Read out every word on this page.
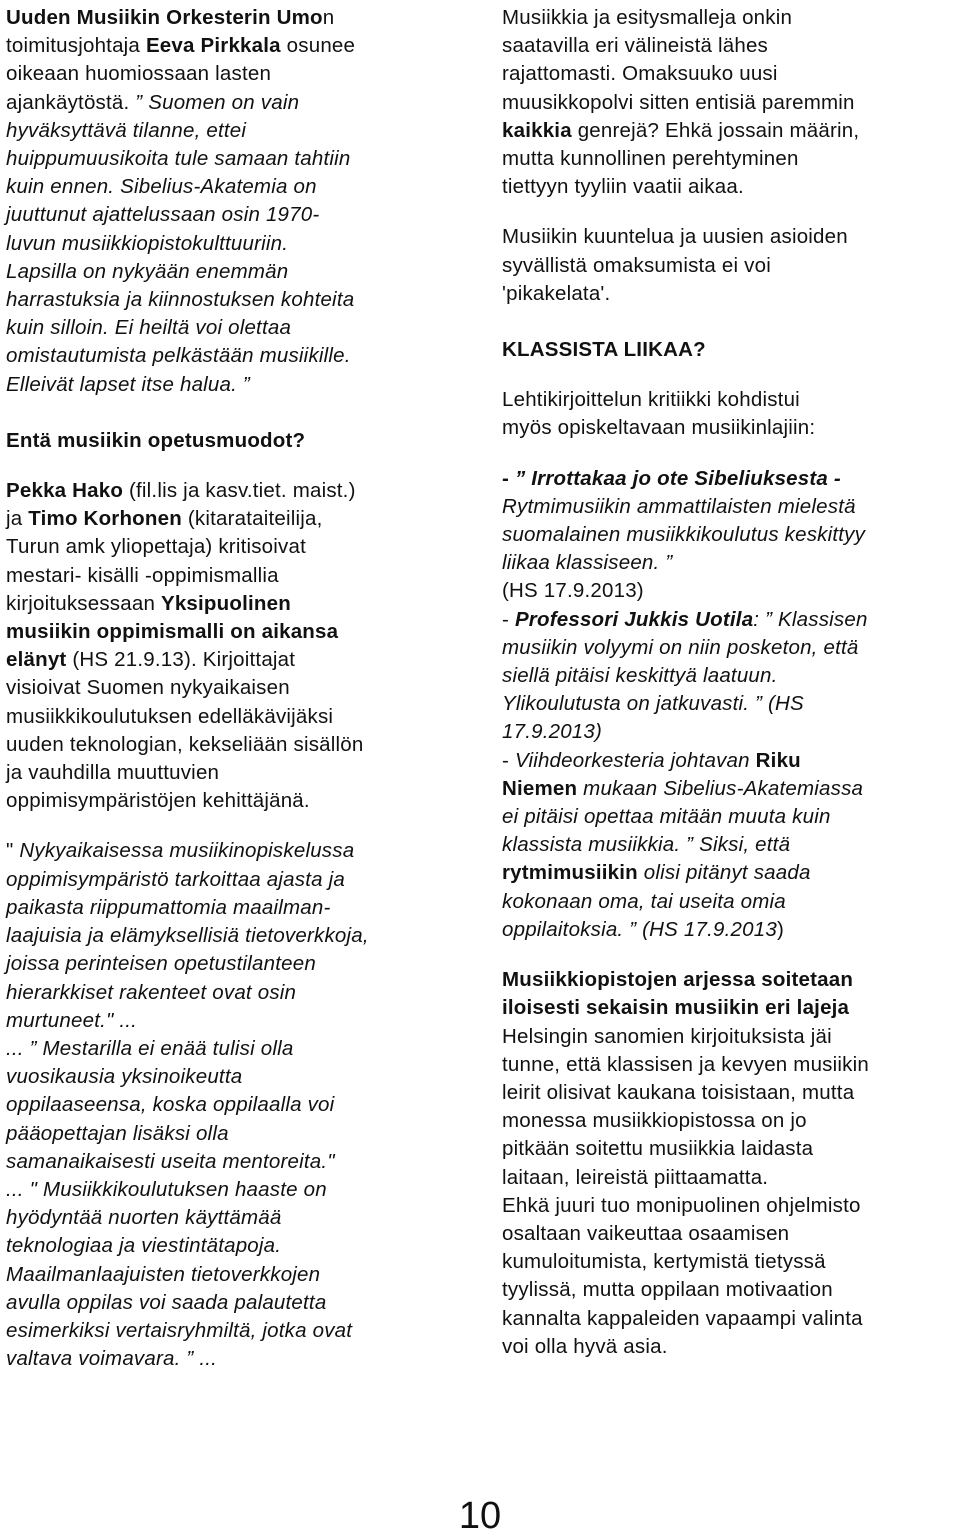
Uuden Musiikin Orkesterin Umon
toimitusjohtaja Eeva Pirkkala osunee
oikeaan huomiossaan lasten
ajankäytöstä. ” Suomen on vain
hyväksyttävä tilanne, ettei
huippumuusikoita tule samaan tahtiin
kuin ennen. Sibelius-Akatemia on
juuttunut ajattelussaan osin 1970-
luvun musiikkiopistokulttuuriin.
Lapsilla on nykyään enemmän
harrastuksia ja kiinnostuksen kohteita
kuin silloin. Ei heiltä voi olettaa
omistautumista pelkästään musiikille.
Elleivät lapset itse halua. ”

Entä musiikin opetusmuodot?

Pekka Hako (fil.lis ja kasv.tiet. maist.)
ja Timo Korhonen (kitarataiteilija,
Turun amk yliopettaja) kritisoivat
mestari- kisälli -oppimismallia
kirjoituksessaan Yksipuolinen
musiikin oppimismalli on aikansa
elänyt (HS 21.9.13). Kirjoittajat
visioivat Suomen nykyaikaisen
musiikkikoulutuksen edelläkävijäksi
uuden teknologian, kekseliään sisällön
ja vauhdilla muuttuvien
oppimisympäristöjen kehittäjänä.

" Nykyaikaisessa musiikinopiskelussa
oppimisympäristö tarkoittaa ajasta ja
paikasta riippumattomia maailman-
laajuisia ja elämyksellisiä tietoverkkoja,
joissa perinteisen opetustilanteen
hierarkkiset rakenteet ovat osin
murtuneet." ...
... ” Mestarilla ei enää tulisi olla
vuosikausia yksinoikeutta
oppilaaseensa, koska oppilaalla voi
pääopettajan lisäksi olla
samanaikaisesti useita mentoreita."
... " Musiikkikoulutuksen haaste on
hyödyntää nuorten käyttämää
teknologiaa ja viestintätapoja.
Maailmanlaajuisten tietoverkkojen
avulla oppilas voi saada palautetta
esimerkiksi vertaisryhmiltä, jotka ovat
valtava voimavara. ” ...

Musiikkia ja esitysmalleja onkin
saatavilla eri välineistä lähes
rajattomasti. Omaksuuko uusi
muusikkopolvi sitten entisiä paremmin
kaikkia genrejä? Ehkä jossain määrin,
mutta kunnollinen perehtyminen
tiettyyn tyyliin vaatii aikaa.

Musiikin kuuntelua ja uusien asioiden
syvällistä omaksumista ei voi
'pikakelata'.

KLASSISTA LIIKAA?

Lehtikirjoittelun kritiikki kohdistui
myös opiskeltavaan musiikinlajiin:

- ” Irrottakaa jo ote Sibeliuksesta -
Rytmimusiikin ammattilaisten mielestä
suomalainen musiikkikoulutus keskittyy
liikaa klassiseen. ”
(HS 17.9.2013)
- Professori Jukkis Uotila: ” Klassisen
musiikin volyymi on niin posketon, että
siellä pitäisi keskittyä laatuun.
Ylikoulutusta on jatkuvasti. ” (HS
17.9.2013)
- Viihdeorkesteria johtavan Riku
Niemen mukaan Sibelius-Akatemiassa
ei pitäisi opettaa mitään muuta kuin
klassista musiikkia. ” Siksi, että
rytmimusiikin olisi pitänyt saada
kokonaan oma, tai useita omia
oppilaitoksia. ” (HS 17.9.2013)

Musiikkiopistojen arjessa soitetaan
iloisesti sekaisin musiikin eri lajeja

Helsingin sanomien kirjoituksista jäi
tunne, että klassisen ja kevyen musiikin
leirit olisivat kaukana toisistaan, mutta
monessa musiikkiopistossa on jo
pitkään soitettu musiikkia laidasta
laitaan, leireistä piittaamatta.
Ehkä juuri tuo monipuolinen ohjelmisto
osaltaan vaikeuttaa osaamisen
kumuloitumista, kertymistä tietyssä
tyylissä, mutta oppilaan motivaation
kannalta kappaleiden vapaampi valinta
voi olla hyvä asia.

10
